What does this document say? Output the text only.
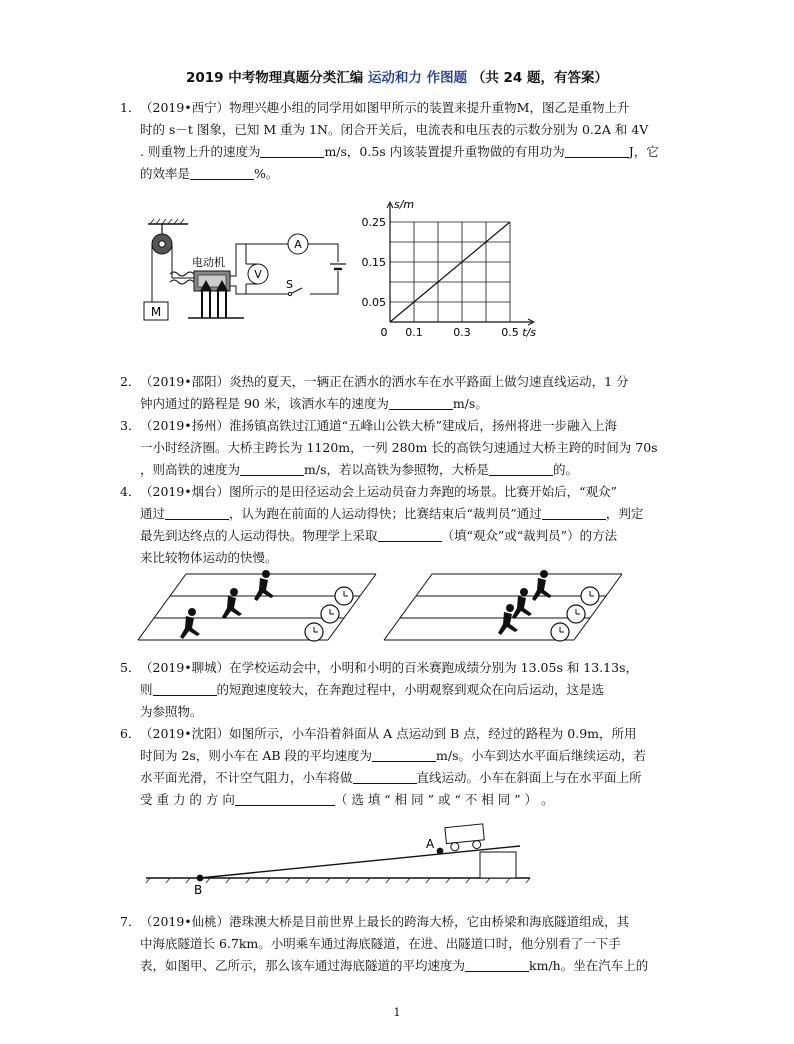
2019 中考物理真题分类汇编 运动和力 作图题 （共 24 题，有答案）
1． （2019•西宁）物理兴趣小组的同学用如图甲所示的装置来提升重物M，图乙是重物上升
时的 s－t 图象，已知 M 重为 1N。闭合开关后，电流表和电压表的示数分别为 0.2A 和 4V
. 则重物上升的速度为	m/s，0.5s 内该装置提升重物做的有用功为	J，它
的效率是	%。
2． （2019•邵阳）炎热的夏天，一辆正在洒水的洒水车在水平路面上做匀速直线运动，1 分
钟内通过的路程是 90 米，该洒水车的速度为	m/s。
3． （2019•扬州）淮扬镇高铁过江通道“五峰山公铁大桥”建成后，扬州将进一步融入上海
一小时经济圈。大桥主跨长为 1120m，一列 280m 长的高铁匀速通过大桥主跨的时间为 70s
，则高铁的速度为	m/s，若以高铁为参照物，大桥是	的。
4． （2019•烟台）图所示的是田径运动会上运动员奋力奔跑的场景。比赛开始后，“观众”
通过	，认为跑在前面的人运动得快；比赛结束后“裁判员”通过	，判定
最先到达终点的人运动得快。物理学上采取	（填“观众”或“裁判员”）的方法
来比较物体运动的快慢。
5． （2019•聊城）在学校运动会中，小明和小明的百米赛跑成绩分别为 13.05s 和 13.13s，
则	的短跑速度较大，在奔跑过程中，小明观察到观众在向后运动，这是选
为参照物。
6． （2019•沈阳）如图所示，小车沿着斜面从 A 点运动到 B 点，经过的路程为 0.9m，所用
时间为 2s，则小车在 AB 段的平均速度为	m/s。小车到达水平面后继续运动，若
水平面光滑，不计空气阻力，小车将做	直线运动。小车在斜面上与在水平面上所
受 重 力 的 方 向	（ 选 填 “ 相 同 ” 或 “ 不 相 同 ” ） 。
7． （2019•仙桃）港珠澳大桥是目前世界上最长的跨海大桥，它由桥梁和海底隧道组成，其
中海底隧道长 6.7km。小明乘车通过海底隧道，在进、出隧道口时，他分别看了一下手
表，如图甲、乙所示，那么该车通过海底隧道的平均速度为	km/h。坐在汽车上的
M
电动机
V
A
S
0.05
0.15
0.25
0 0.1	0.3	0.5
s/m
t/s
B
A
1
